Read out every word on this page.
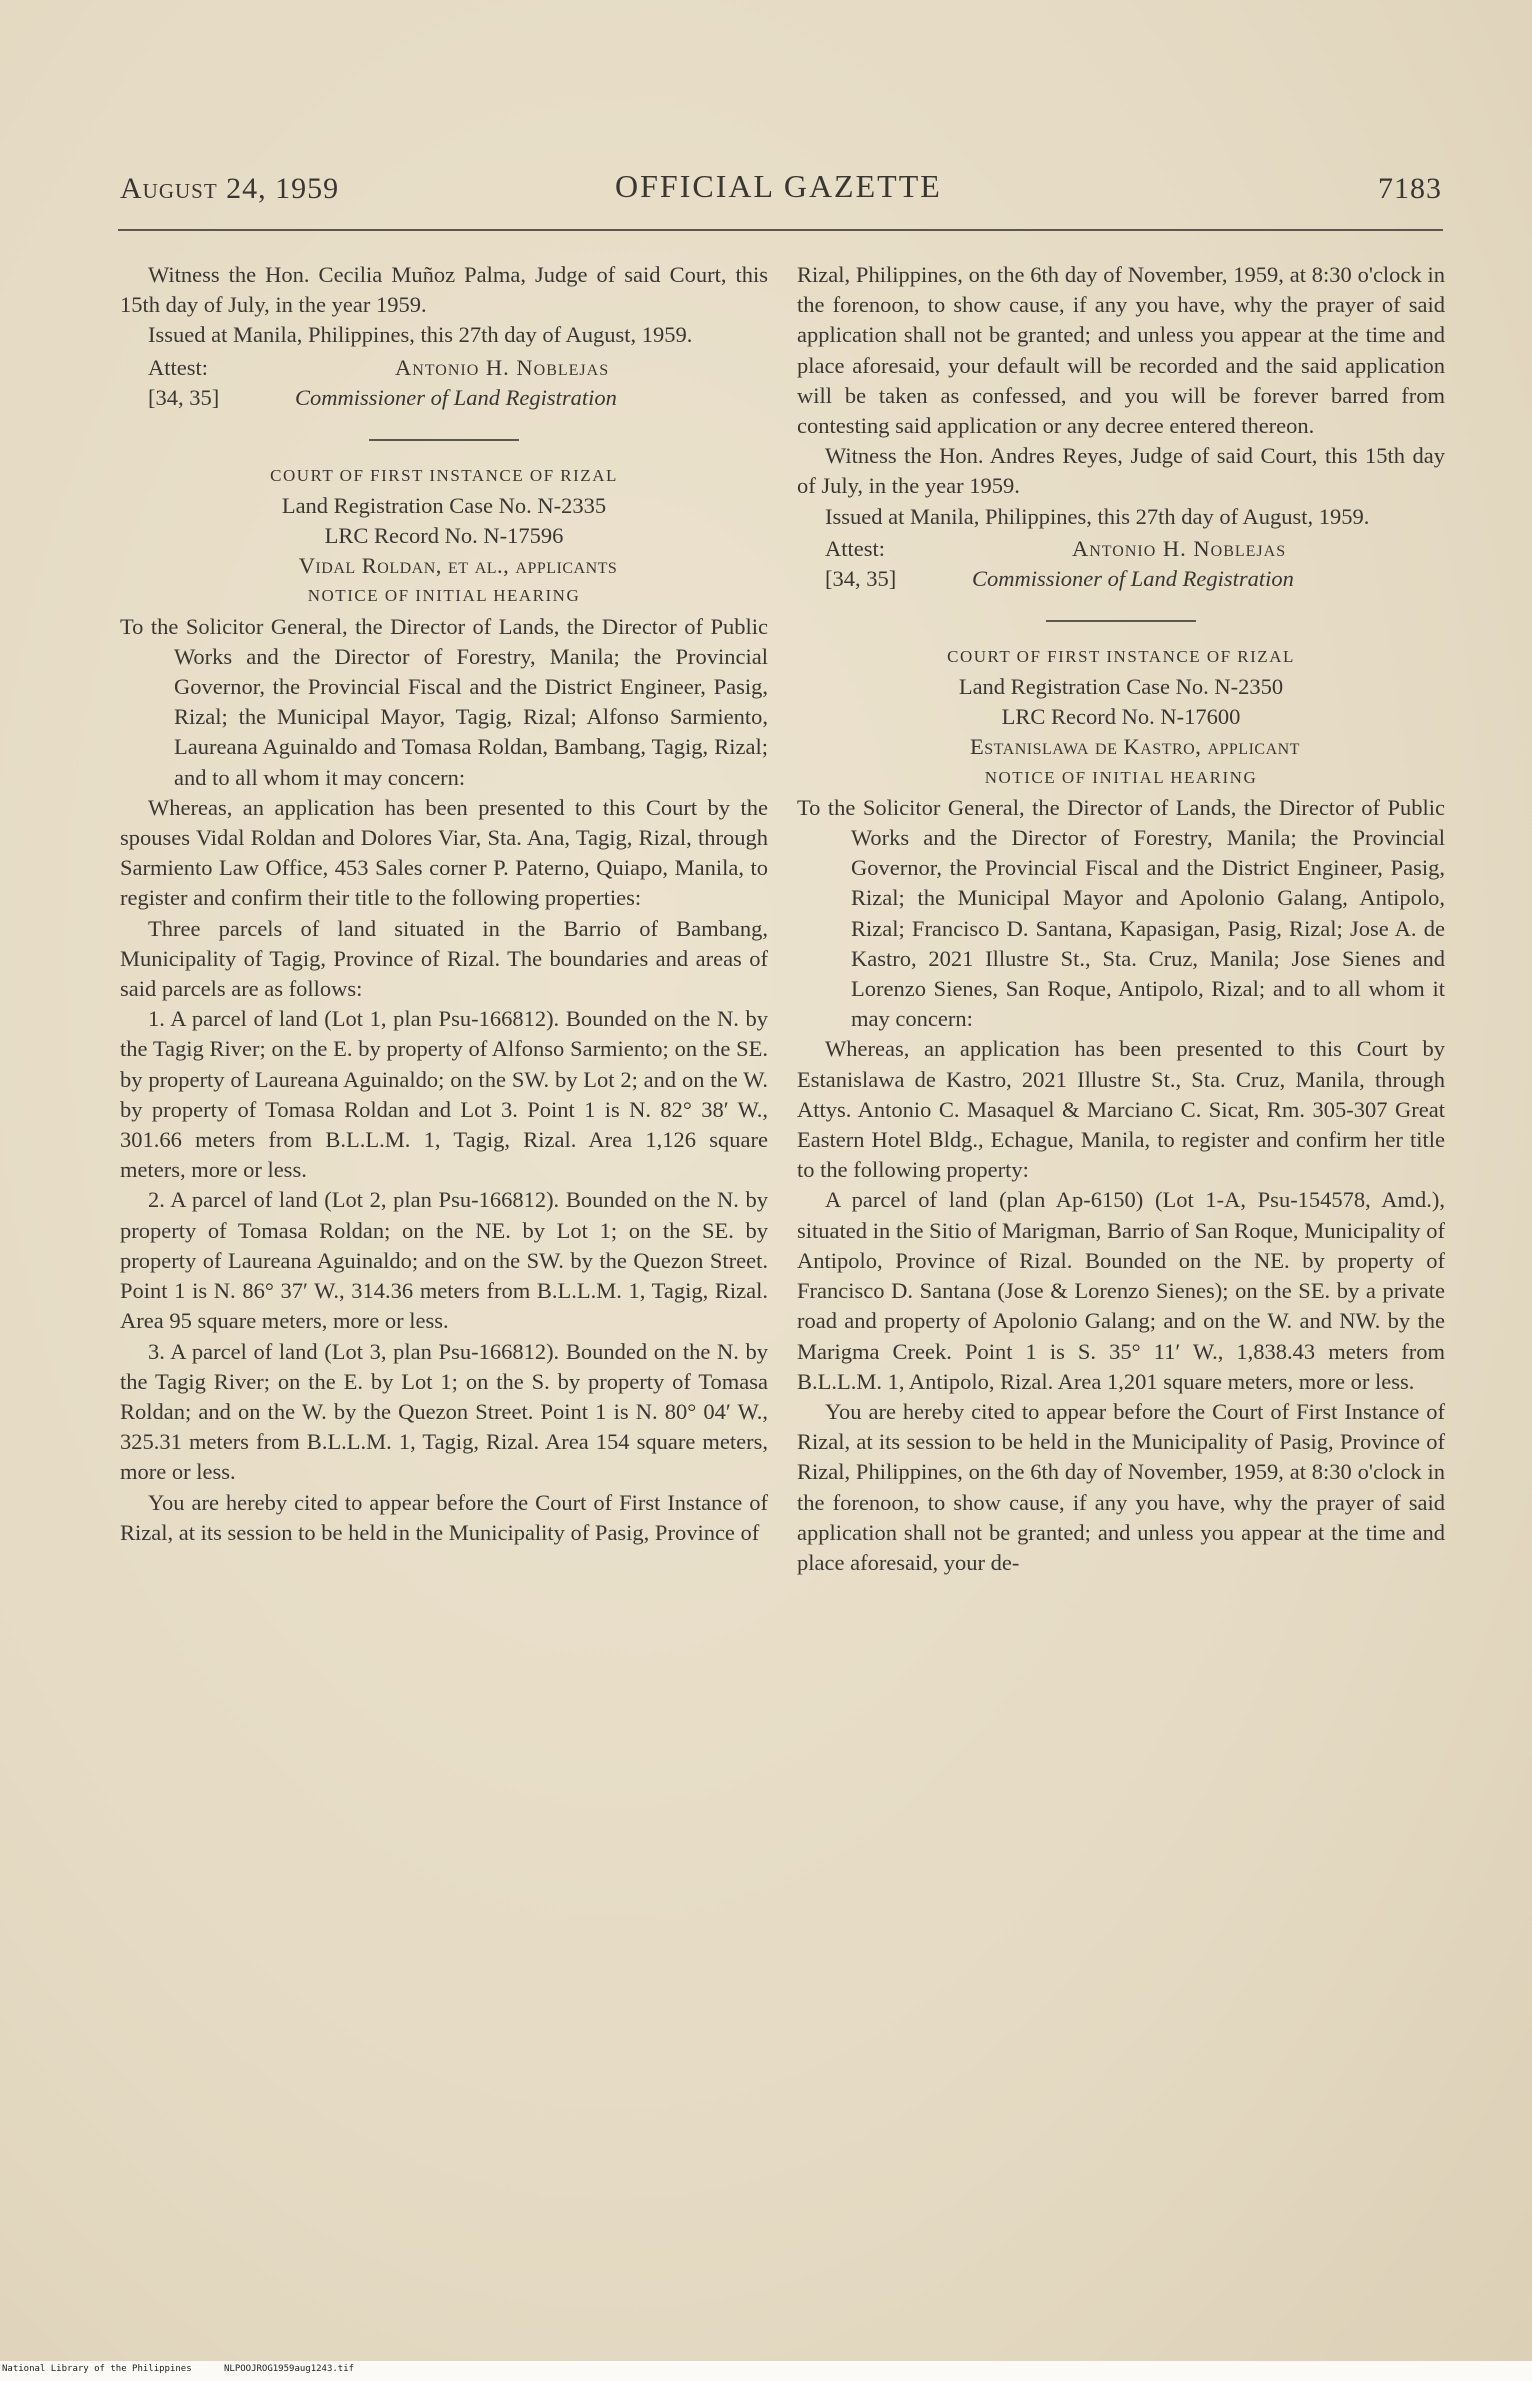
August 24, 1959	OFFICIAL GAZETTE	7183

Witness the Hon. Cecilia Muñoz Palma, Judge of said Court, this 15th day of July, in the year 1959.

Issued at Manila, Philippines, this 27th day of August, 1959.

Attest:	Antonio H. Noblejas
[34, 35]	Commissioner of Land Registration

COURT OF FIRST INSTANCE OF RIZAL

Land Registration Case No. N-2335

LRC Record No. N-17596

Vidal Roldan, et al., applicants

NOTICE OF INITIAL HEARING

To the Solicitor General, the Director of Lands, the Director of Public Works and the Director of Forestry, Manila; the Provincial Governor, the Provincial Fiscal and the District Engineer, Pasig, Rizal; the Municipal Mayor, Tagig, Rizal; Alfonso Sarmiento, Laureana Aguinaldo and Tomasa Roldan, Bambang, Tagig, Rizal; and to all whom it may concern:

Whereas, an application has been presented to this Court by the spouses Vidal Roldan and Dolores Viar, Sta. Ana, Tagig, Rizal, through Sarmiento Law Office, 453 Sales corner P. Paterno, Quiapo, Manila, to register and confirm their title to the following properties:

Three parcels of land situated in the Barrio of Bambang, Municipality of Tagig, Province of Rizal. The boundaries and areas of said parcels are as follows:

1. A parcel of land (Lot 1, plan Psu-166812). Bounded on the N. by the Tagig River; on the E. by property of Alfonso Sarmiento; on the SE. by property of Laureana Aguinaldo; on the SW. by Lot 2; and on the W. by property of Tomasa Roldan and Lot 3. Point 1 is N. 82° 38′ W., 301.66 meters from B.L.L.M. 1, Tagig, Rizal. Area 1,126 square meters, more or less.

2. A parcel of land (Lot 2, plan Psu-166812). Bounded on the N. by property of Tomasa Roldan; on the NE. by Lot 1; on the SE. by property of Laureana Aguinaldo; and on the SW. by the Quezon Street. Point 1 is N. 86° 37′ W., 314.36 meters from B.L.L.M. 1, Tagig, Rizal. Area 95 square meters, more or less.

3. A parcel of land (Lot 3, plan Psu-166812). Bounded on the N. by the Tagig River; on the E. by Lot 1; on the S. by property of Tomasa Roldan; and on the W. by the Quezon Street. Point 1 is N. 80° 04′ W., 325.31 meters from B.L.L.M. 1, Tagig, Rizal. Area 154 square meters, more or less.

You are hereby cited to appear before the Court of First Instance of Rizal, at its session to be held in the Municipality of Pasig, Province of

Rizal, Philippines, on the 6th day of November, 1959, at 8:30 o'clock in the forenoon, to show cause, if any you have, why the prayer of said application shall not be granted; and unless you appear at the time and place aforesaid, your default will be recorded and the said application will be taken as confessed, and you will be forever barred from contesting said application or any decree entered thereon.

Witness the Hon. Andres Reyes, Judge of said Court, this 15th day of July, in the year 1959.

Issued at Manila, Philippines, this 27th day of August, 1959.

Attest:	Antonio H. Noblejas
[34, 35]	Commissioner of Land Registration

COURT OF FIRST INSTANCE OF RIZAL

Land Registration Case No. N-2350

LRC Record No. N-17600

Estanislawa de Kastro, applicant

NOTICE OF INITIAL HEARING

To the Solicitor General, the Director of Lands, the Director of Public Works and the Director of Forestry, Manila; the Provincial Governor, the Provincial Fiscal and the District Engineer, Pasig, Rizal; the Municipal Mayor and Apolonio Galang, Antipolo, Rizal; Francisco D. Santana, Kapasigan, Pasig, Rizal; Jose A. de Kastro, 2021 Illustre St., Sta. Cruz, Manila; Jose Sienes and Lorenzo Sienes, San Roque, Antipolo, Rizal; and to all whom it may concern:

Whereas, an application has been presented to this Court by Estanislawa de Kastro, 2021 Illustre St., Sta. Cruz, Manila, through Attys. Antonio C. Masaquel & Marciano C. Sicat, Rm. 305-307 Great Eastern Hotel Bldg., Echague, Manila, to register and confirm her title to the following property:

A parcel of land (plan Ap-6150) (Lot 1-A, Psu-154578, Amd.), situated in the Sitio of Marigman, Barrio of San Roque, Municipality of Antipolo, Province of Rizal. Bounded on the NE. by property of Francisco D. Santana (Jose & Lorenzo Sienes); on the SE. by a private road and property of Apolonio Galang; and on the W. and NW. by the Marigma Creek. Point 1 is S. 35° 11′ W., 1,838.43 meters from B.L.L.M. 1, Antipolo, Rizal. Area 1,201 square meters, more or less.

You are hereby cited to appear before the Court of First Instance of Rizal, at its session to be held in the Municipality of Pasig, Province of Rizal, Philippines, on the 6th day of November, 1959, at 8:30 o'clock in the forenoon, to show cause, if any you have, why the prayer of said application shall not be granted; and unless you appear at the time and place aforesaid, your de-

National Library of the Philippines	NLPOOJROG1959aug1243.tif
